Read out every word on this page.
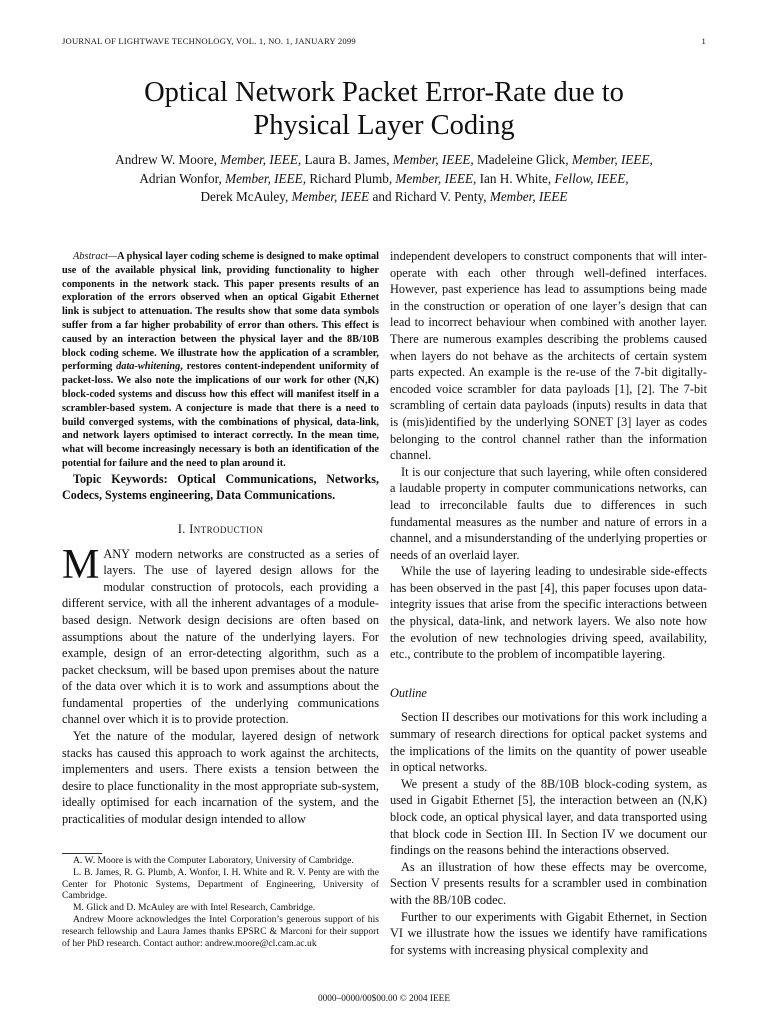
JOURNAL OF LIGHTWAVE TECHNOLOGY, VOL. 1, NO. 1, JANUARY 2099	1
Optical Network Packet Error-Rate due to
Physical Layer Coding
Andrew W. Moore, Member, IEEE, Laura B. James, Member, IEEE, Madeleine Glick, Member, IEEE,
Adrian Wonfor, Member, IEEE, Richard Plumb, Member, IEEE, Ian H. White, Fellow, IEEE,
Derek McAuley, Member, IEEE and Richard V. Penty, Member, IEEE

Abstract—A physical layer coding scheme is designed to make optimal use of the available physical link, providing functionality to higher components in the network stack. This paper presents results of an exploration of the errors observed when an optical Gigabit Ethernet link is subject to attenuation. The results show that some data symbols suffer from a far higher probability of error than others. This effect is caused by an interaction between the physical layer and the 8B/10B block coding scheme. We illustrate how the application of a scrambler, performing data-whitening, restores content-independent uniformity of packet-loss. We also note the implications of our work for other (N,K) block-coded systems and discuss how this effect will manifest itself in a scrambler-based system. A conjecture is made that there is a need to build converged systems, with the combinations of physical, data-link, and network layers optimised to interact correctly. In the mean time, what will become increasingly necessary is both an identification of the potential for failure and the need to plan around it.

Topic Keywords: Optical Communications, Networks, Codecs, Systems engineering, Data Communications.

I. Introduction

MANY modern networks are constructed as a series of layers. The use of layered design allows for the modular construction of protocols, each providing a different service, with all the inherent advantages of a module-based design. Network design decisions are often based on assumptions about the nature of the underlying layers. For example, design of an error-detecting algorithm, such as a packet checksum, will be based upon premises about the nature of the data over which it is to work and assumptions about the fundamental properties of the underlying communications channel over which it is to provide protection.

Yet the nature of the modular, layered design of network stacks has caused this approach to work against the architects, implementers and users. There exists a tension between the desire to place functionality in the most appropriate sub-system, ideally optimised for each incarnation of the system, and the practicalities of modular design intended to allow

A. W. Moore is with the Computer Laboratory, University of Cambridge.

L. B. James, R. G. Plumb, A. Wonfor, I. H. White and R. V. Penty are with the Center for Photonic Systems, Department of Engineering, University of Cambridge.

M. Glick and D. McAuley are with Intel Research, Cambridge.

Andrew Moore acknowledges the Intel Corporation’s generous support of his research fellowship and Laura James thanks EPSRC & Marconi for their support of her PhD research. Contact author: andrew.moore@cl.cam.ac.uk

independent developers to construct components that will inter-operate with each other through well-defined interfaces. However, past experience has lead to assumptions being made in the construction or operation of one layer’s design that can lead to incorrect behaviour when combined with another layer. There are numerous examples describing the problems caused when layers do not behave as the architects of certain system parts expected. An example is the re-use of the 7-bit digitally-encoded voice scrambler for data payloads [1], [2]. The 7-bit scrambling of certain data payloads (inputs) results in data that is (mis)identified by the underlying SONET [3] layer as codes belonging to the control channel rather than the information channel.

It is our conjecture that such layering, while often considered a laudable property in computer communications networks, can lead to irreconcilable faults due to differences in such fundamental measures as the number and nature of errors in a channel, and a misunderstanding of the underlying properties or needs of an overlaid layer.

While the use of layering leading to undesirable side-effects has been observed in the past [4], this paper focuses upon data-integrity issues that arise from the specific interactions between the physical, data-link, and network layers. We also note how the evolution of new technologies driving speed, availability, etc., contribute to the problem of incompatible layering.

Outline

Section II describes our motivations for this work including a summary of research directions for optical packet systems and the implications of the limits on the quantity of power useable in optical networks.

We present a study of the 8B/10B block-coding system, as used in Gigabit Ethernet [5], the interaction between an (N,K) block code, an optical physical layer, and data transported using that block code in Section III. In Section IV we document our findings on the reasons behind the interactions observed.

As an illustration of how these effects may be overcome, Section V presents results for a scrambler used in combination with the 8B/10B codec.

Further to our experiments with Gigabit Ethernet, in Section VI we illustrate how the issues we identify have ramifications for systems with increasing physical complexity and

0000–0000/00$00.00 © 2004 IEEE
